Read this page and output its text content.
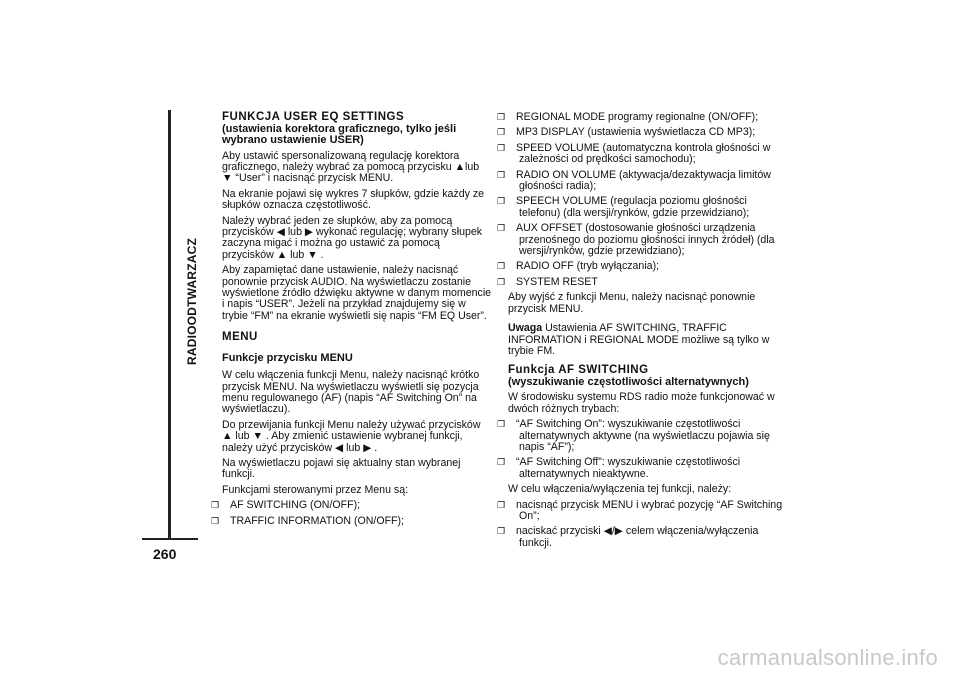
RADIOODTWARZACZ
260
FUNKCJA USER EQ SETTINGS
(ustawienia korektora graficznego, tylko jeśli wybrano ustawienie USER)

Aby ustawić spersonalizowaną regulację korektora graficznego, należy wybrać za pomocą przycisku ▲lub ▼ “User” i nacisnąć przycisk MENU.

Na ekranie pojawi się wykres 7 słupków, gdzie każdy ze słupków oznacza częstotliwość.

Należy wybrać jeden ze słupków, aby za pomocą przycisków ◀ lub ▶ wykonać regulację; wybrany słupek zaczyna migać i można go ustawić za pomocą przycisków ▲ lub ▼ .

Aby zapamiętać dane ustawienie, należy nacisnąć ponownie przycisk AUDIO. Na wyświetlaczu zostanie wyświetlone źródło dźwięku aktywne w danym momencie i napis “USER”. Jeżeli na przykład znajdujemy się w trybie “FM” na ekranie wyświetli się napis “FM EQ User”.

MENU
Funkcje przycisku MENU

W celu włączenia funkcji Menu, należy nacisnąć krótko przycisk MENU. Na wyświetlaczu wyświetli się pozycja menu regulowanego (AF) (napis “AF Switching On” na wyświetlaczu).

Do przewijania funkcji Menu należy używać przycisków ▲ lub ▼ . Aby zmienić ustawienie wybranej funkcji, należy użyć przycisków ◀ lub ▶ .

Na wyświetlaczu pojawi się aktualny stan wybranej funkcji.

Funkcjami sterowanymi przez Menu są:

❐ AF SWITCHING (ON/OFF);

❐ TRAFFIC INFORMATION (ON/OFF);

❐ REGIONAL MODE programy regionalne (ON/OFF);

❐ MP3 DISPLAY (ustawienia wyświetlacza CD MP3);

❐ SPEED VOLUME (automatyczna kontrola głośności w zależności od prędkości samochodu);

❐ RADIO ON VOLUME (aktywacja/dezaktywacja limitów głośności radia);

❐ SPEECH VOLUME (regulacja poziomu głośności telefonu) (dla wersji/rynków, gdzie przewidziano);

❐ AUX OFFSET (dostosowanie głośności urządzenia przenośnego do poziomu głośności innych źródeł) (dla wersji/rynków, gdzie przewidziano);

❐ RADIO OFF (tryb wyłączania);

❐ SYSTEM RESET

Aby wyjść z funkcji Menu, należy nacisnąć ponownie przycisk MENU.

Uwaga Ustawienia AF SWITCHING, TRAFFIC INFORMATION i REGIONAL MODE możliwe są tylko w trybie FM.

Funkcja AF SWITCHING
(wyszukiwanie częstotliwości alternatywnych)

W środowisku systemu RDS radio może funkcjonować w dwóch różnych trybach:

❐ “AF Switching On”: wyszukiwanie częstotliwości alternatywnych aktywne (na wyświetlaczu pojawia się napis “AF”);

❐ “AF Switching Off”: wyszukiwanie częstotliwości alternatywnych nieaktywne.

W celu włączenia/wyłączenia tej funkcji, należy:

❐ nacisnąć przycisk MENU i wybrać pozycję “AF Switching On”;

❐ naciskać przyciski ◀/▶ celem włączenia/wyłączenia funkcji.

carmanualsonline.info
